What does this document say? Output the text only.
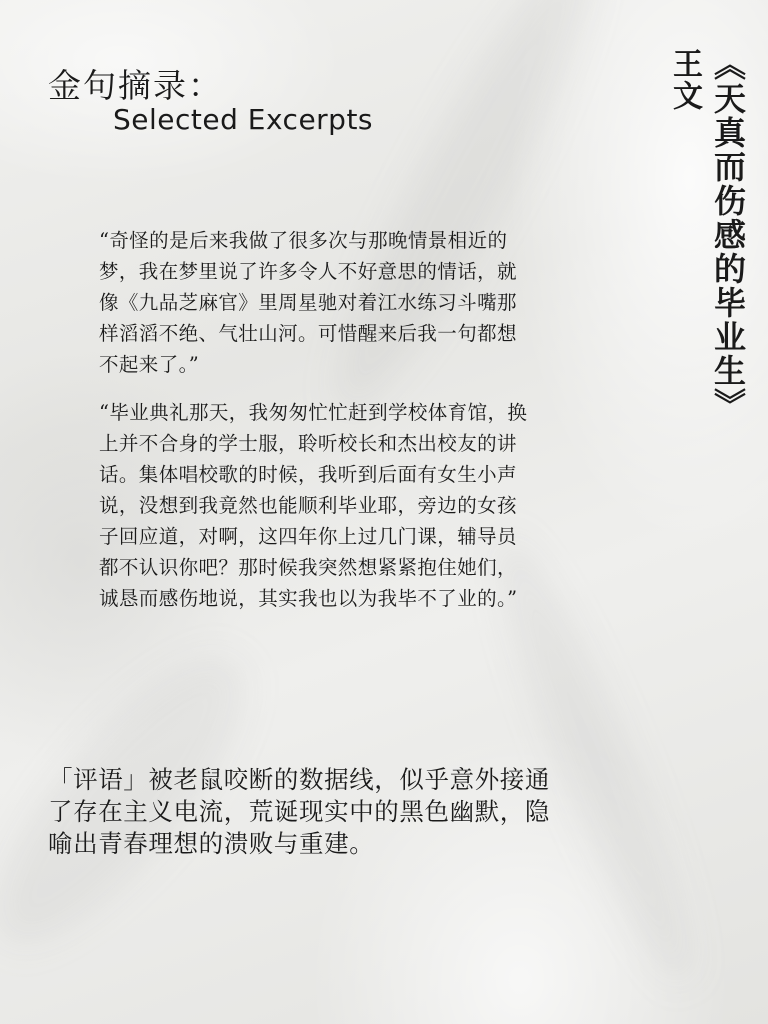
金句摘录：
Selected Excerpts	《天真而伤感的毕业生》
王文

“奇怪的是后来我做了很多次与那晚情景相近的梦，我在梦里说了许多令人不好意思的情话，就像《九品芝麻官》里周星驰对着江水练习斗嘴那样滔滔不绝、气壮山河。可惜醒来后我一句都想不起来了。”

“毕业典礼那天，我匆匆忙忙赶到学校体育馆，换上并不合身的学士服，聆听校长和杰出校友的讲话。集体唱校歌的时候，我听到后面有女生小声说，没想到我竟然也能顺利毕业耶，旁边的女孩子回应道，对啊，这四年你上过几门课，辅导员都不认识你吧？那时候我突然想紧紧抱住她们，诚恳而感伤地说，其实我也以为我毕不了业的。”

「评语」被老鼠咬断的数据线，似乎意外接通了存在主义电流，荒诞现实中的黑色幽默，隐喻出青春理想的溃败与重建。
